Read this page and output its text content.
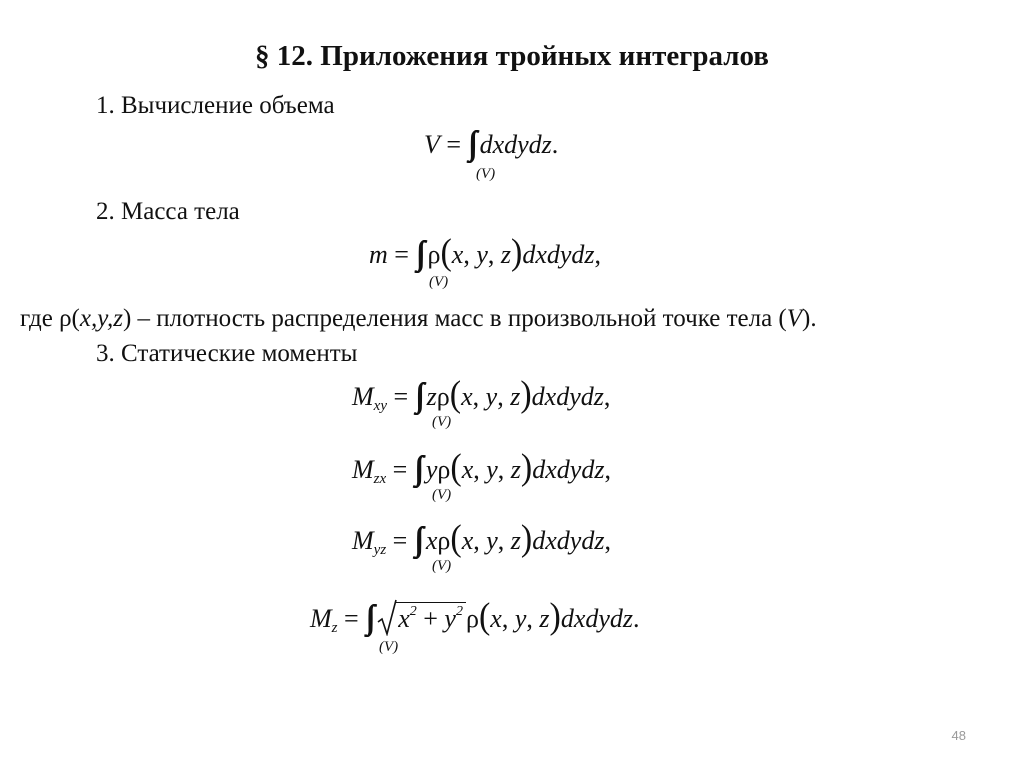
§ 12. Приложения тройных интегралов
1. Вычисление объема
V = dxdydz.
(V)
2. Масса тела
m = ρ(x, y, z)dxdydz,
(V)
где ρ(x,y,z) – плотность распределения масс в произвольной точке тела (V).
3. Статические моменты
$M_{xy} = z\rho(x$, y, z)dxdydz,
(V)
$M_{zx} = y\rho(x$, y, z)dxdydz,
(V)
$M_{yz} = x\rho(x$, y, z)dxdydz,
(V)
$M_z$ =
$x^2 + y^2$ ρ(x, y, z)dxdydz.
(V)
48
